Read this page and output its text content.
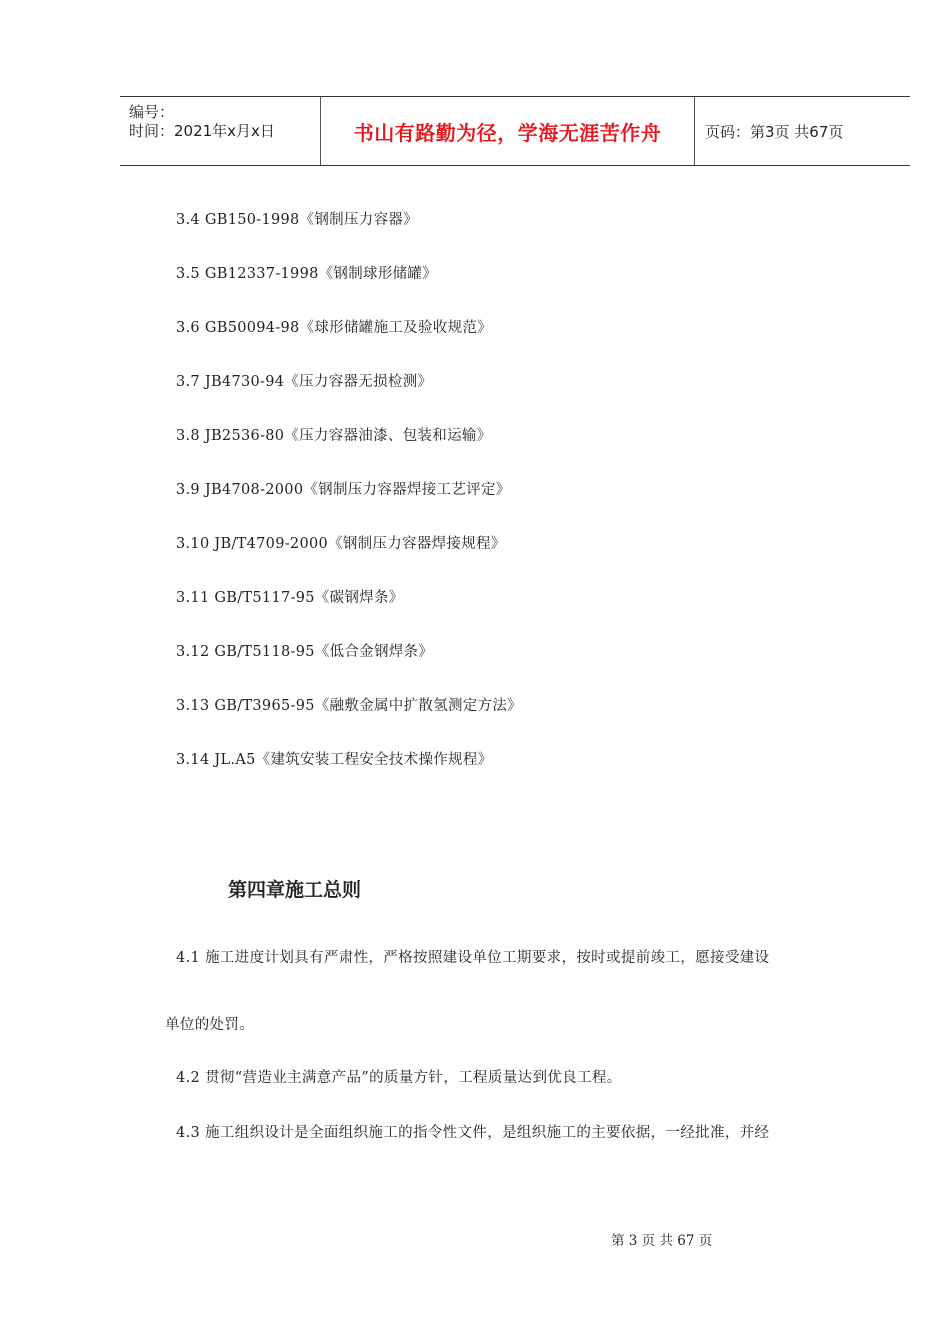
编号：
时间：2021年x月x日	书山有路勤为径，学海无涯苦作舟	页码：第3页 共67页
3.4 GB150-1998《钢制压力容器》
3.5 GB12337-1998《钢制球形储罐》
3.6 GB50094-98《球形储罐施工及验收规范》
3.7 JB4730-94《压力容器无损检测》
3.8 JB2536-80《压力容器油漆、包装和运输》
3.9 JB4708-2000《钢制压力容器焊接工艺评定》
3.10 JB/T4709-2000《钢制压力容器焊接规程》
3.11 GB/T5117-95《碳钢焊条》
3.12 GB/T5118-95《低合金钢焊条》
3.13 GB/T3965-95《融敷金属中扩散氢测定方法》
3.14 JL.A5《建筑安装工程安全技术操作规程》
第四章施工总则
4.1 施工进度计划具有严肃性，严格按照建设单位工期要求，按时或提前竣工，愿接受建设
单位的处罚。
4.2 贯彻“营造业主满意产品”的质量方针，工程质量达到优良工程。
4.3 施工组织设计是全面组织施工的指令性文件，是组织施工的主要依据，一经批准，并经
第 3 页 共 67 页
